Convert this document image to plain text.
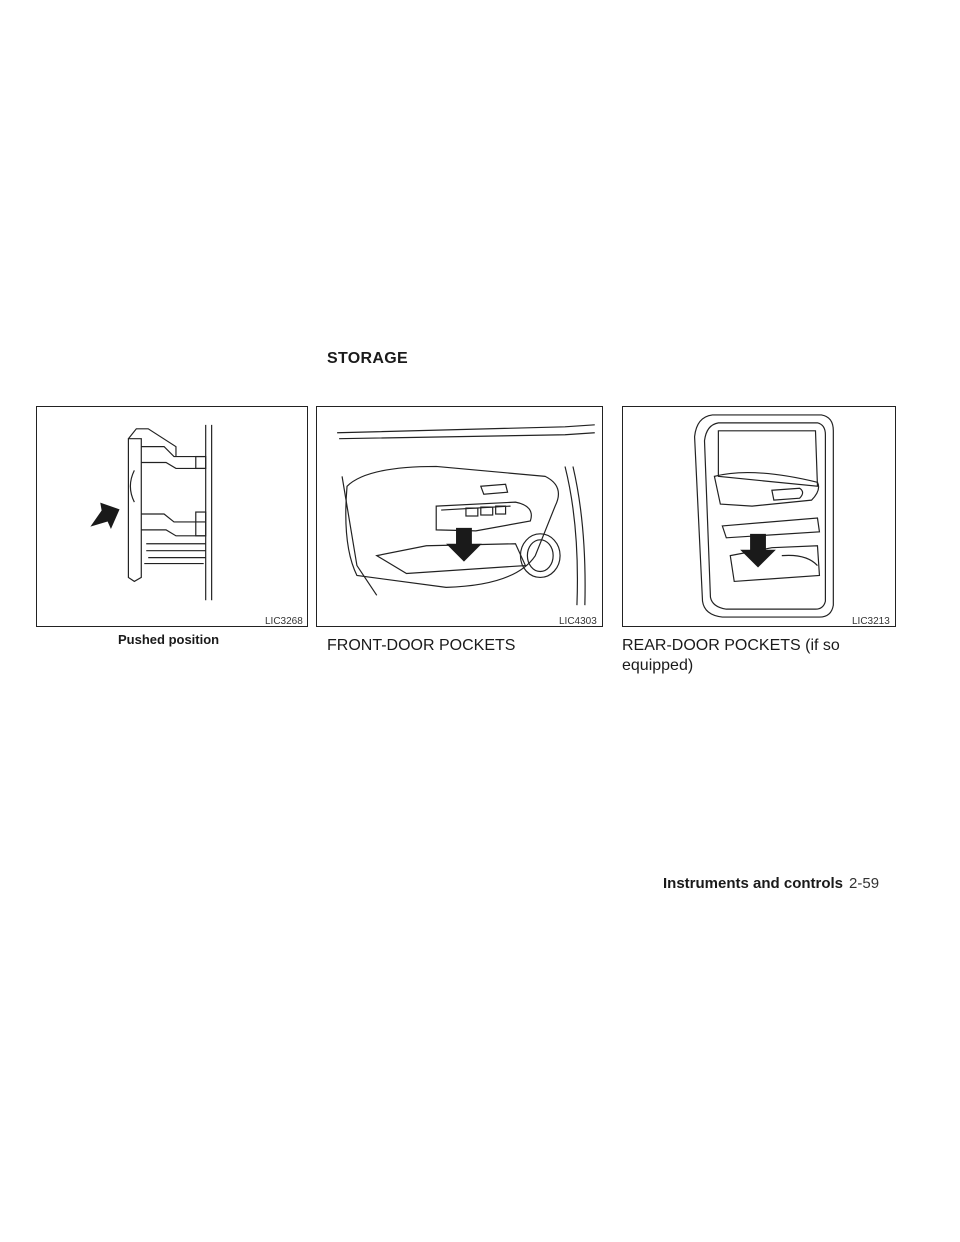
STORAGE
LIC3268
Pushed position
LIC4303
FRONT-DOOR POCKETS
LIC3213
REAR-DOOR POCKETS (if so equipped)
Instruments and controls 2-59
